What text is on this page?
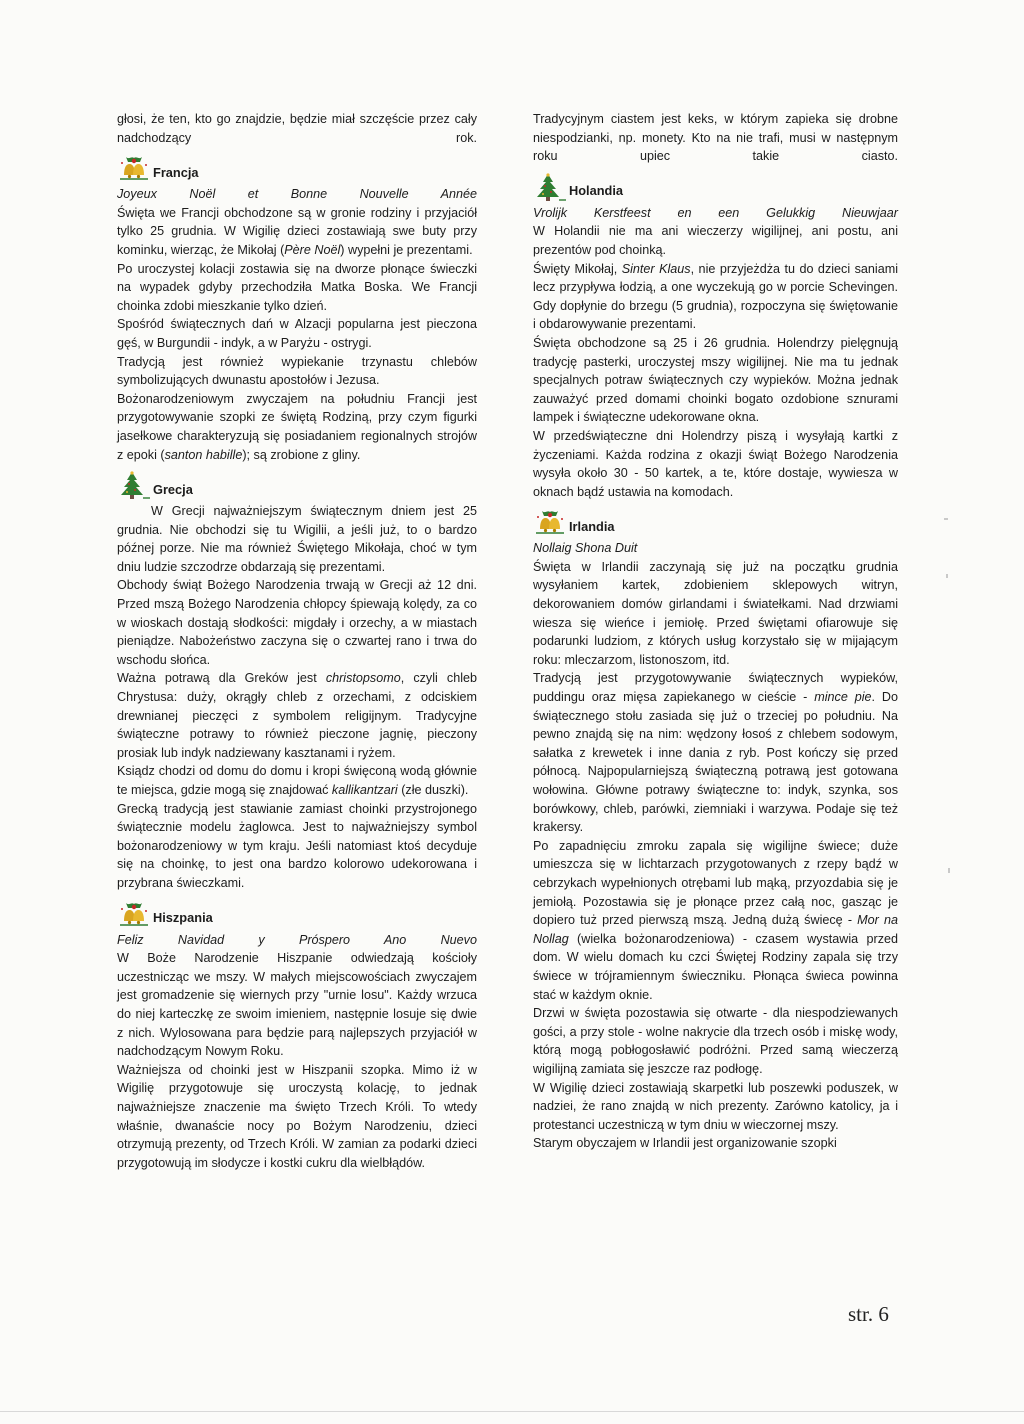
głosi, że ten, kto go znajdzie, będzie miał szczęście przez cały nadchodzący rok.

Francja

Joyeux Noël et Bonne Nouvelle Année

Święta we Francji obchodzone są w gronie rodziny i przyjaciół tylko 25 grudnia. W Wigilię dzieci zostawiają swe buty przy kominku, wierząc, że Mikołaj (Père Noël) wypełni je prezentami.

Po uroczystej kolacji zostawia się na dworze płonące świeczki na wypadek gdyby przechodziła Matka Boska. We Francji choinka zdobi mieszkanie tylko dzień.

Spośród świątecznych dań w Alzacji popularna jest pieczona gęś, w Burgundii - indyk, a w Paryżu - ostrygi.

Tradycją jest również wypiekanie trzynastu chlebów symbolizujących dwunastu apostołów i Jezusa.

Bożonarodzeniowym zwyczajem na południu Francji jest przygotowywanie szopki ze świętą Rodziną, przy czym figurki jasełkowe charakteryzują się posiadaniem regionalnych strojów z epoki (santon habille); są zrobione z gliny.

Grecja

W Grecji najważniejszym świątecznym dniem jest 25 grudnia. Nie obchodzi się tu Wigilii, a jeśli już, to o bardzo późnej porze. Nie ma również Świętego Mikołaja, choć w tym dniu ludzie szczodrze obdarzają się prezentami.

Obchody świąt Bożego Narodzenia trwają w Grecji aż 12 dni. Przed mszą Bożego Narodzenia chłopcy śpiewają kolędy, za co w wioskach dostają słodkości: migdały i orzechy, a w miastach pieniądze. Nabożeństwo zaczyna się o czwartej rano i trwa do wschodu słońca.

Ważna potrawą dla Greków jest christopsomo, czyli chleb Chrystusa: duży, okrągły chleb z orzechami, z odciskiem drewnianej pieczęci z symbolem religijnym. Tradycyjne świąteczne potrawy to również pieczone jagnię, pieczony prosiak lub indyk nadziewany kasztanami i ryżem.

Ksiądz chodzi od domu do domu i kropi święconą wodą głównie te miejsca, gdzie mogą się znajdować kallikantzari (złe duszki).

Grecką tradycją jest stawianie zamiast choinki przystrojonego świątecznie modelu żaglowca. Jest to najważniejszy symbol bożonarodzeniowy w tym kraju. Jeśli natomiast ktoś decyduje się na choinkę, to jest ona bardzo kolorowo udekorowana i przybrana świeczkami.

Hiszpania

Feliz Navidad y Próspero Ano Nuevo

W Boże Narodzenie Hiszpanie odwiedzają kościoły uczestnicząc we mszy. W małych miejscowościach zwyczajem jest gromadzenie się wiernych przy "urnie losu". Każdy wrzuca do niej karteczkę ze swoim imieniem, następnie losuje się dwie z nich. Wylosowana para będzie parą najlepszych przyjaciół w nadchodzącym Nowym Roku.

Ważniejsza od choinki jest w Hiszpanii szopka. Mimo iż w Wigilię przygotowuje się uroczystą kolację, to jednak najważniejsze znaczenie ma święto Trzech Króli. To wtedy właśnie, dwanaście nocy po Bożym Narodzeniu, dzieci otrzymują prezenty, od Trzech Króli. W zamian za podarki dzieci przygotowują im słodycze i kostki cukru dla wielbłądów.

Tradycyjnym ciastem jest keks, w którym zapieka się drobne niespodzianki, np. monety. Kto na nie trafi, musi w następnym roku upiec takie ciasto.

Holandia

Vrolijk Kerstfeest en een Gelukkig Nieuwjaar

W Holandii nie ma ani wieczerzy wigilijnej, ani postu, ani prezentów pod choinką.

Święty Mikołaj, Sinter Klaus, nie przyjeżdża tu do dzieci saniami lecz przypływa łodzią, a one wyczekują go w porcie Schevingen. Gdy dopłynie do brzegu (5 grudnia), rozpoczyna się świętowanie i obdarowywanie prezentami.

Święta obchodzone są 25 i 26 grudnia. Holendrzy pielęgnują tradycję pasterki, uroczystej mszy wigilijnej. Nie ma tu jednak specjalnych potraw świątecznych czy wypieków. Można jednak zauważyć przed domami choinki bogato ozdobione sznurami lampek i świąteczne udekorowane okna.

W przedświąteczne dni Holendrzy piszą i wysyłają kartki z życzeniami. Każda rodzina z okazji świąt Bożego Narodzenia wysyła około 30 - 50 kartek, a te, które dostaje, wywiesza w oknach bądź ustawia na komodach.

Irlandia

Nollaig Shona Duit

Święta w Irlandii zaczynają się już na początku grudnia wysyłaniem kartek, zdobieniem sklepowych witryn, dekorowaniem domów girlandami i światełkami. Nad drzwiami wiesza się wieńce i jemiołę. Przed świętami ofiarowuje się podarunki ludziom, z których usług korzystało się w mijającym roku: mleczarzom, listonoszom, itd.

Tradycją jest przygotowywanie świątecznych wypieków, puddingu oraz mięsa zapiekanego w cieście - mince pie. Do świątecznego stołu zasiada się już o trzeciej po południu. Na pewno znajdą się na nim: wędzony łosoś z chlebem sodowym, sałatka z krewetek i inne dania z ryb. Post kończy się przed północą. Najpopularniejszą świąteczną potrawą jest gotowana wołowina. Główne potrawy świąteczne to: indyk, szynka, sos borówkowy, chleb, parówki, ziemniaki i warzywa. Podaje się też krakersy.

Po zapadnięciu zmroku zapala się wigilijne świece; duże umieszcza się w lichtarzach przygotowanych z rzepy bądź w cebrzykach wypełnionych otrębami lub mąką, przyozdabia się je jemiołą. Pozostawia się je płonące przez całą noc, gasząc je dopiero tuż przed pierwszą mszą. Jedną dużą świecę - Mor na Nollag (wielka bożonarodzeniowa) - czasem wystawia przed dom. W wielu domach ku czci Świętej Rodziny zapala się trzy świece w trójramiennym świeczniku. Płonąca świeca powinna stać w każdym oknie.

Drzwi w święta pozostawia się otwarte - dla niespodziewanych gości, a przy stole - wolne nakrycie dla trzech osób i miskę wody, którą mogą pobłogosławić podróżni. Przed samą wieczerzą wigilijną zamiata się jeszcze raz podłogę.

W Wigilię dzieci zostawiają skarpetki lub poszewki poduszek, w nadziei, że rano znajdą w nich prezenty. Zarówno katolicy, ja i protestanci uczestniczą w tym dniu w wieczornej mszy.

Starym obyczajem w Irlandii jest organizowanie szopki

str. 6
